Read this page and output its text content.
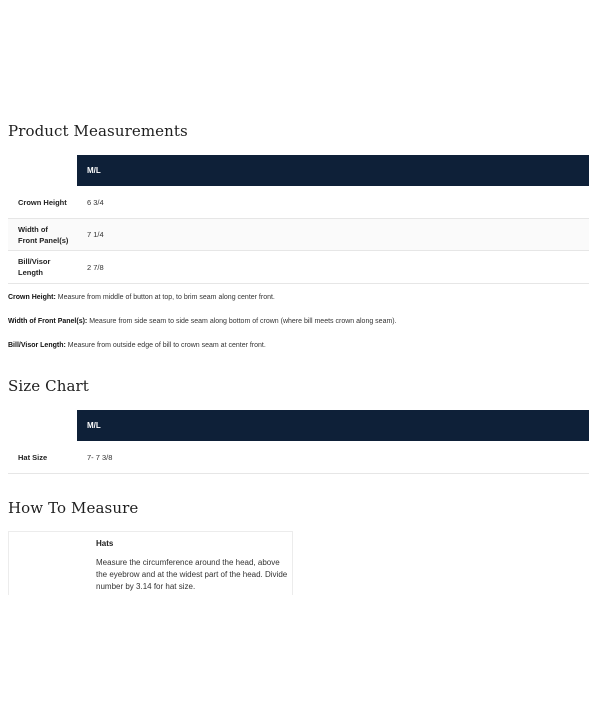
Product Measurements
M/L
Crown Height	6 3/4
Width of Front Panel(s)
7 1/4
Bill/Visor Length
2 7/8

Crown Height: Measure from middle of button at top, to brim seam along center front.

Width of Front Panel(s): Measure from side seam to side seam along bottom of crown (where bill meets crown along seam).

Bill/Visor Length: Measure from outside edge of bill to crown seam at center front.

Size Chart
M/L
Hat Size	7- 7 3/8
How To Measure
Hats

Measure the circumference around the head, above the eyebrow and at the widest part of the head. Divide number by 3.14 for hat size.
